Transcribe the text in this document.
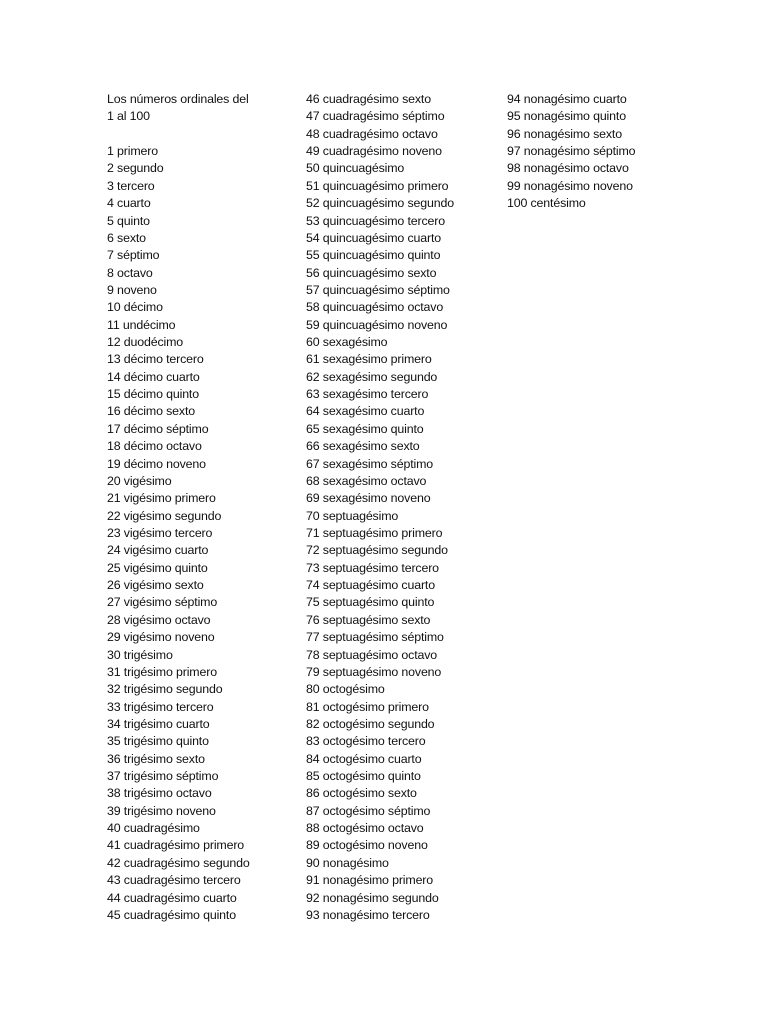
Los números ordinales del
1 al 100
1 primero
2 segundo
3 tercero
4 cuarto
5 quinto
6 sexto
7 séptimo
8 octavo
9 noveno
10 décimo
11 undécimo
12 duodécimo
13 décimo tercero
14 décimo cuarto
15 décimo quinto
16 décimo sexto
17 décimo séptimo
18 décimo octavo
19 décimo noveno
20 vigésimo
21 vigésimo primero
22 vigésimo segundo
23 vigésimo tercero
24 vigésimo cuarto
25 vigésimo quinto
26 vigésimo sexto
27 vigésimo séptimo
28 vigésimo octavo
29 vigésimo noveno
30 trigésimo
31 trigésimo primero
32 trigésimo segundo
33 trigésimo tercero
34 trigésimo cuarto
35 trigésimo quinto
36 trigésimo sexto
37 trigésimo séptimo
38 trigésimo octavo
39 trigésimo noveno
40 cuadragésimo
41 cuadragésimo primero
42 cuadragésimo segundo
43 cuadragésimo tercero
44 cuadragésimo cuarto
45 cuadragésimo quinto
46 cuadragésimo sexto
47 cuadragésimo séptimo
48 cuadragésimo octavo
49 cuadragésimo noveno
50 quincuagésimo
51 quincuagésimo primero
52 quincuagésimo segundo
53 quincuagésimo tercero
54 quincuagésimo cuarto
55 quincuagésimo quinto
56 quincuagésimo sexto
57 quincuagésimo séptimo
58 quincuagésimo octavo
59 quincuagésimo noveno
60 sexagésimo
61 sexagésimo primero
62 sexagésimo segundo
63 sexagésimo tercero
64 sexagésimo cuarto
65 sexagésimo quinto
66 sexagésimo sexto
67 sexagésimo séptimo
68 sexagésimo octavo
69 sexagésimo noveno
70 septuagésimo
71 septuagésimo primero
72 septuagésimo segundo
73 septuagésimo tercero
74 septuagésimo cuarto
75 septuagésimo quinto
76 septuagésimo sexto
77 septuagésimo séptimo
78 septuagésimo octavo
79 septuagésimo noveno
80 octogésimo
81 octogésimo primero
82 octogésimo segundo
83 octogésimo tercero
84 octogésimo cuarto
85 octogésimo quinto
86 octogésimo sexto
87 octogésimo séptimo
88 octogésimo octavo
89 octogésimo noveno
90 nonagésimo
91 nonagésimo primero
92 nonagésimo segundo
93 nonagésimo tercero
94 nonagésimo cuarto
95 nonagésimo quinto
96 nonagésimo sexto
97 nonagésimo séptimo
98 nonagésimo octavo
99 nonagésimo noveno
100 centésimo
